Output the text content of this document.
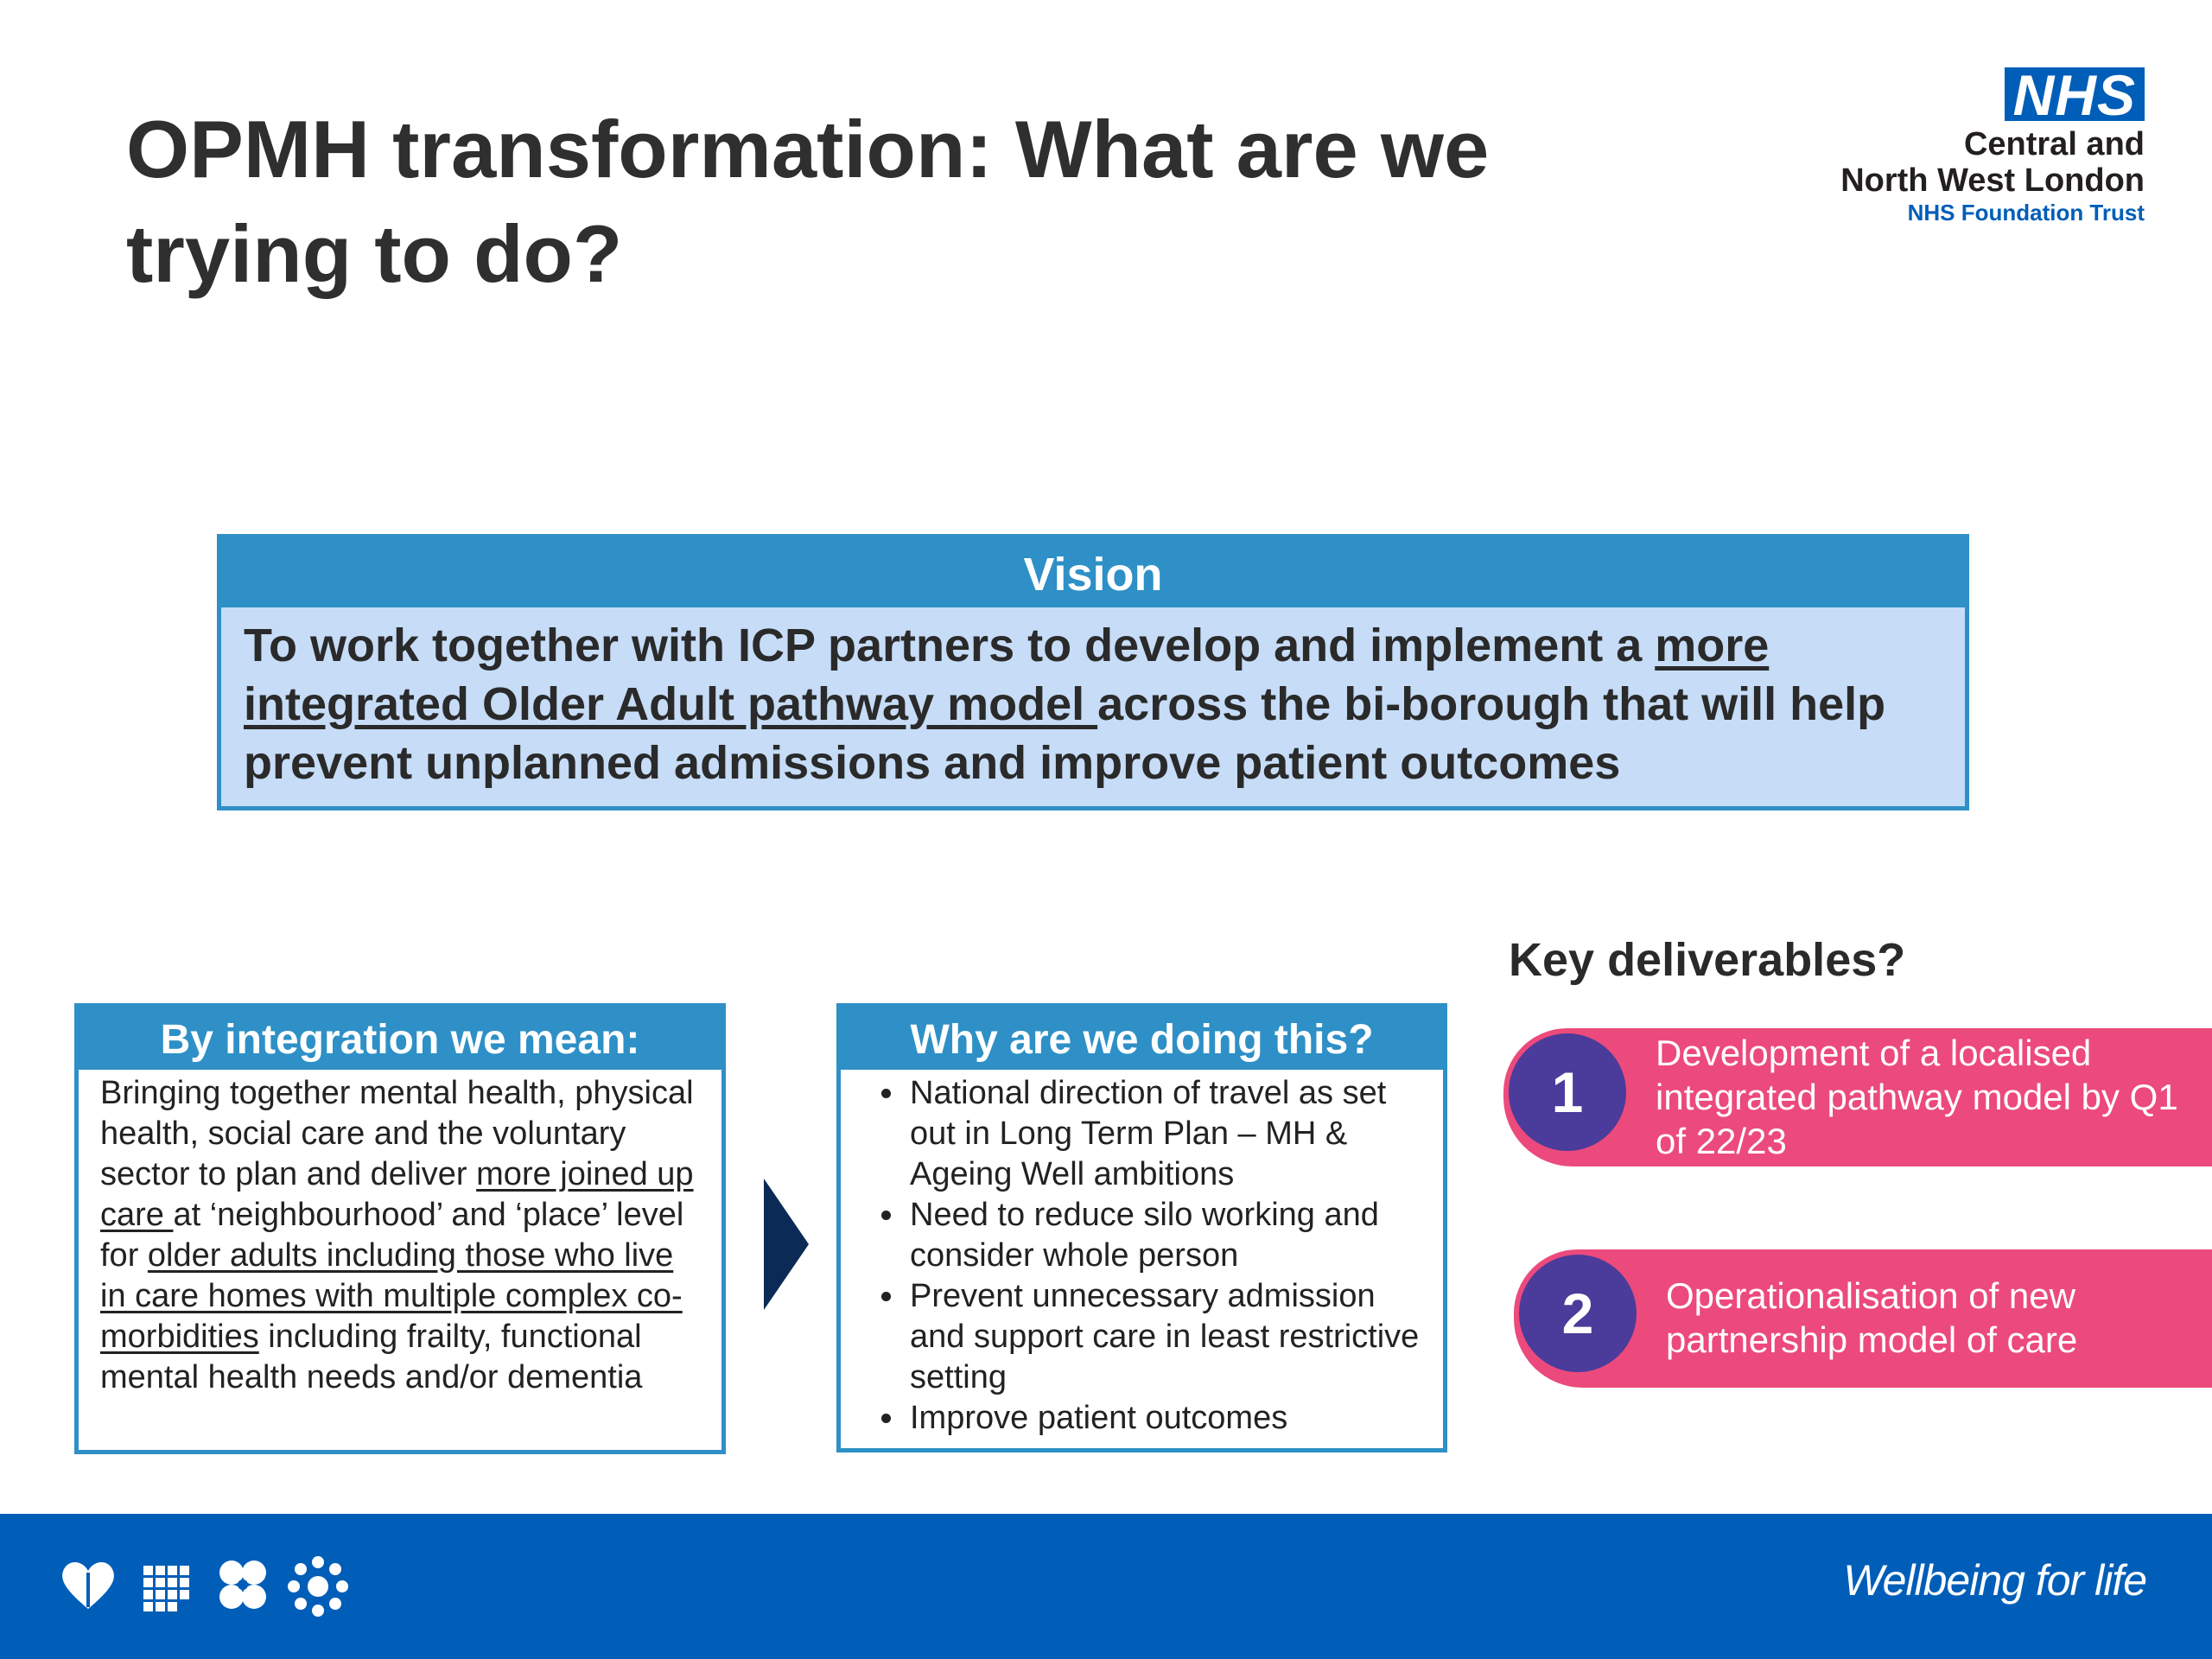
OPMH transformation: What are we trying to do?
NHS
Central and
North West London
NHS Foundation Trust
Vision
To work together with ICP partners to develop and implement a more integrated Older Adult pathway model across the bi-borough that will help prevent unplanned admissions and improve patient outcomes
By integration we mean:
Bringing together mental health, physical health, social care and the voluntary sector to plan and deliver more joined up care at ‘neighbourhood’ and ‘place’ level for older adults including those who live in care homes with multiple complex co-morbidities including frailty, functional mental health needs and/or dementia
Why are we doing this?
• National direction of travel as set out in Long Term Plan – MH & Ageing Well ambitions
• Need to reduce silo working and consider whole person
• Prevent unnecessary admission and support care in least restrictive setting
• Improve patient outcomes
Key deliverables?
1
Development of a localised integrated pathway model by Q1 of 22/23
2	Operationalisation of new partnership model of care
Wellbeing for life
